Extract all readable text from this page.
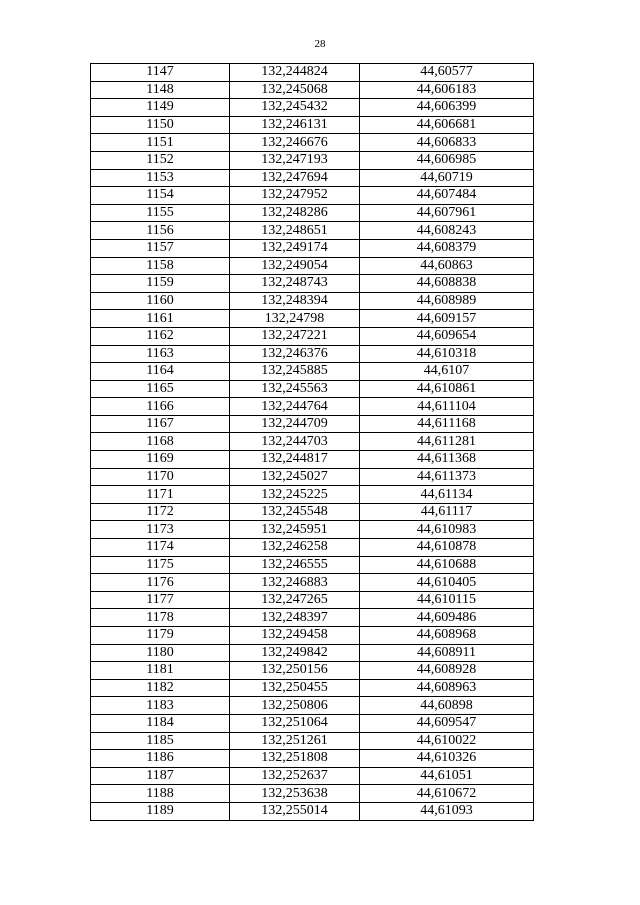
28
1147	132,244824	44,60577
1148	132,245068	44,606183
1149	132,245432	44,606399
1150	132,246131	44,606681
1151	132,246676	44,606833
1152	132,247193	44,606985
1153	132,247694	44,60719
1154	132,247952	44,607484
1155	132,248286	44,607961
1156	132,248651	44,608243
1157	132,249174	44,608379
1158	132,249054	44,60863
1159	132,248743	44,608838
1160	132,248394	44,608989
1161	132,24798	44,609157
1162	132,247221	44,609654
1163	132,246376	44,610318
1164	132,245885	44,6107
1165	132,245563	44,610861
1166	132,244764	44,611104
1167	132,244709	44,611168
1168	132,244703	44,611281
1169	132,244817	44,611368
1170	132,245027	44,611373
1171	132,245225	44,61134
1172	132,245548	44,61117
1173	132,245951	44,610983
1174	132,246258	44,610878
1175	132,246555	44,610688
1176	132,246883	44,610405
1177	132,247265	44,610115
1178	132,248397	44,609486
1179	132,249458	44,608968
1180	132,249842	44,608911
1181	132,250156	44,608928
1182	132,250455	44,608963
1183	132,250806	44,60898
1184	132,251064	44,609547
1185	132,251261	44,610022
1186	132,251808	44,610326
1187	132,252637	44,61051
1188	132,253638	44,610672
1189	132,255014	44,61093
